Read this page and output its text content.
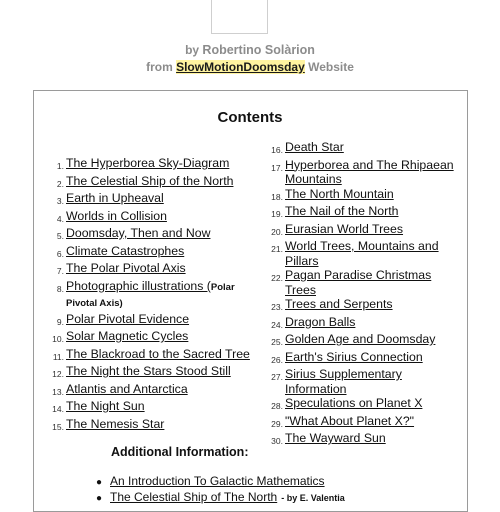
by Robertino Solàrion
from SlowMotionDoomsday Website
Contents
1. The Hyperborea Sky-Diagram
2. The Celestial Ship of the North
3. Earth in Upheaval
4. Worlds in Collision
5. Doomsday, Then and Now
6. Climate Catastrophes
7. The Polar Pivotal Axis
8. Photographic illustrations (Polar Pivotal Axis)
9. Polar Pivotal Evidence
10. Solar Magnetic Cycles
11. The Blackroad to the Sacred Tree
12. The Night the Stars Stood Still
13. Atlantis and Antarctica
14. The Night Sun
15. The Nemesis Star
16. Death Star
17. Hyperborea and The Rhipaean Mountains
18. The North Mountain
19. The Nail of the North
20. Eurasian World Trees
21. World Trees, Mountains and Pillars
22. Pagan Paradise Christmas Trees
23. Trees and Serpents
24. Dragon Balls
25. Golden Age and Doomsday
26. Earth's Sirius Connection
27. Sirius Supplementary Information
28. Speculations on Planet X
29. "What About Planet X?"
30. The Wayward Sun
Additional Information:
● An Introduction To Galactic Mathematics
● The Celestial Ship of The North - by E. Valentia
